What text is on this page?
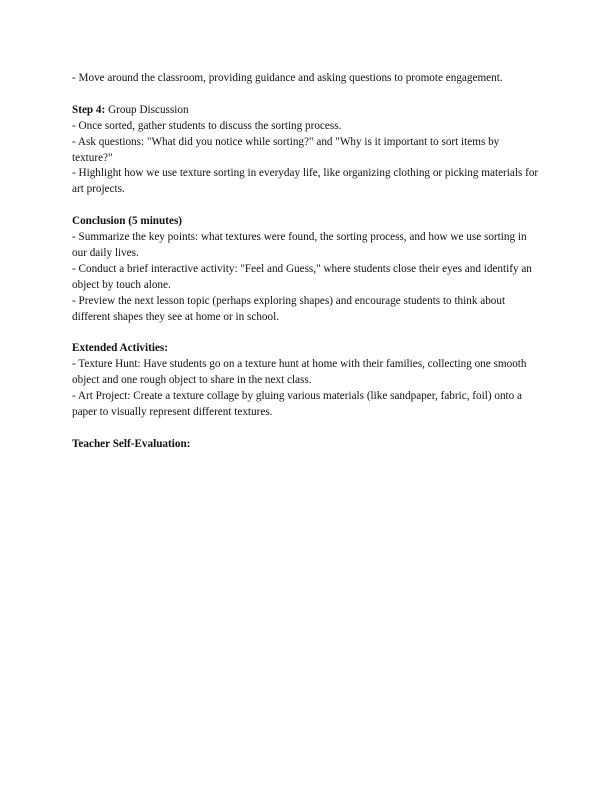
- Move around the classroom, providing guidance and asking questions to promote engagement.

Step 4: Group Discussion

- Once sorted, gather students to discuss the sorting process.

- Ask questions: "What did you notice while sorting?" and "Why is it important to sort items by texture?"

- Highlight how we use texture sorting in everyday life, like organizing clothing or picking materials for art projects.

Conclusion (5 minutes)

- Summarize the key points: what textures were found, the sorting process, and how we use sorting in our daily lives.

- Conduct a brief interactive activity: "Feel and Guess," where students close their eyes and identify an object by touch alone.

- Preview the next lesson topic (perhaps exploring shapes) and encourage students to think about different shapes they see at home or in school.

Extended Activities:

- Texture Hunt: Have students go on a texture hunt at home with their families, collecting one smooth object and one rough object to share in the next class.

- Art Project: Create a texture collage by gluing various materials (like sandpaper, fabric, foil) onto a paper to visually represent different textures.

Teacher Self-Evaluation:
